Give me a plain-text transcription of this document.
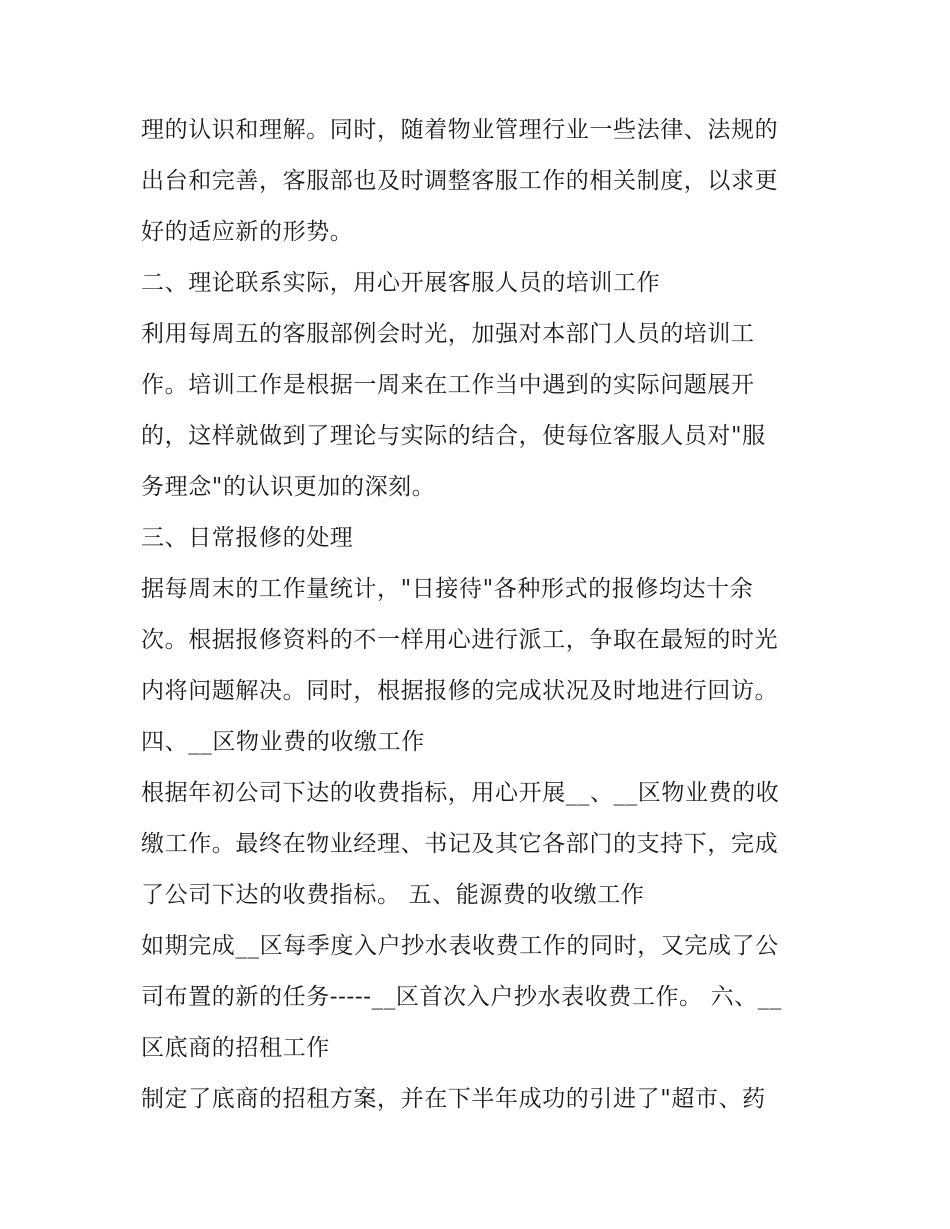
理的认识和理解。同时，随着物业管理行业一些法律、法规的
出台和完善，客服部也及时调整客服工作的相关制度，以求更
好的适应新的形势。
二、理论联系实际，用心开展客服人员的培训工作
利用每周五的客服部例会时光，加强对本部门人员的培训工
作。培训工作是根据一周来在工作当中遇到的实际问题展开
的，这样就做到了理论与实际的结合，使每位客服人员对"服
务理念"的认识更加的深刻。
三、日常报修的处理
据每周末的工作量统计，"日接待"各种形式的报修均达十余
次。根据报修资料的不一样用心进行派工，争取在最短的时光
内将问题解决。同时，根据报修的完成状况及时地进行回访。
四、__区物业费的收缴工作
根据年初公司下达的收费指标，用心开展__、__区物业费的收
缴工作。最终在物业经理、书记及其它各部门的支持下，完成
了公司下达的收费指标。 五、能源费的收缴工作
如期完成__区每季度入户抄水表收费工作的同时，又完成了公
司布置的新的任务-----__区首次入户抄水表收费工作。 六、__
区底商的招租工作
制定了底商的招租方案，并在下半年成功的引进了"超市、药
